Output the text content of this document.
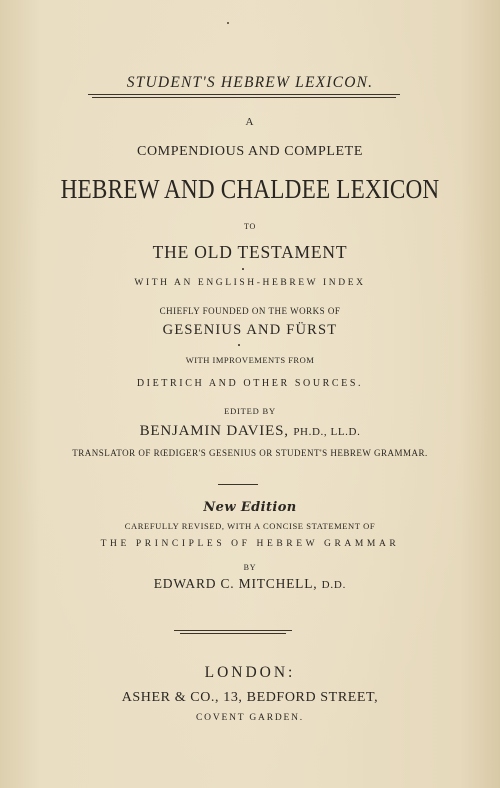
STUDENT'S HEBREW LEXICON.
A
COMPENDIOUS AND COMPLETE
HEBREW AND CHALDEE LEXICON
TO
THE OLD TESTAMENT
WITH AN ENGLISH-HEBREW INDEX
CHIEFLY FOUNDED ON THE WORKS OF
GESENIUS AND FÜRST
WITH IMPROVEMENTS FROM
DIETRICH AND OTHER SOURCES.
EDITED BY
BENJAMIN DAVIES, PH.D., LL.D.
TRANSLATOR OF RŒDIGER'S GESENIUS OR STUDENT'S HEBREW GRAMMAR.
New Edition
CAREFULLY REVISED, WITH A CONCISE STATEMENT OF
THE PRINCIPLES OF HEBREW GRAMMAR
BY
EDWARD C. MITCHELL, D.D.
LONDON:
ASHER & CO., 13, BEDFORD STREET,
COVENT GARDEN.
